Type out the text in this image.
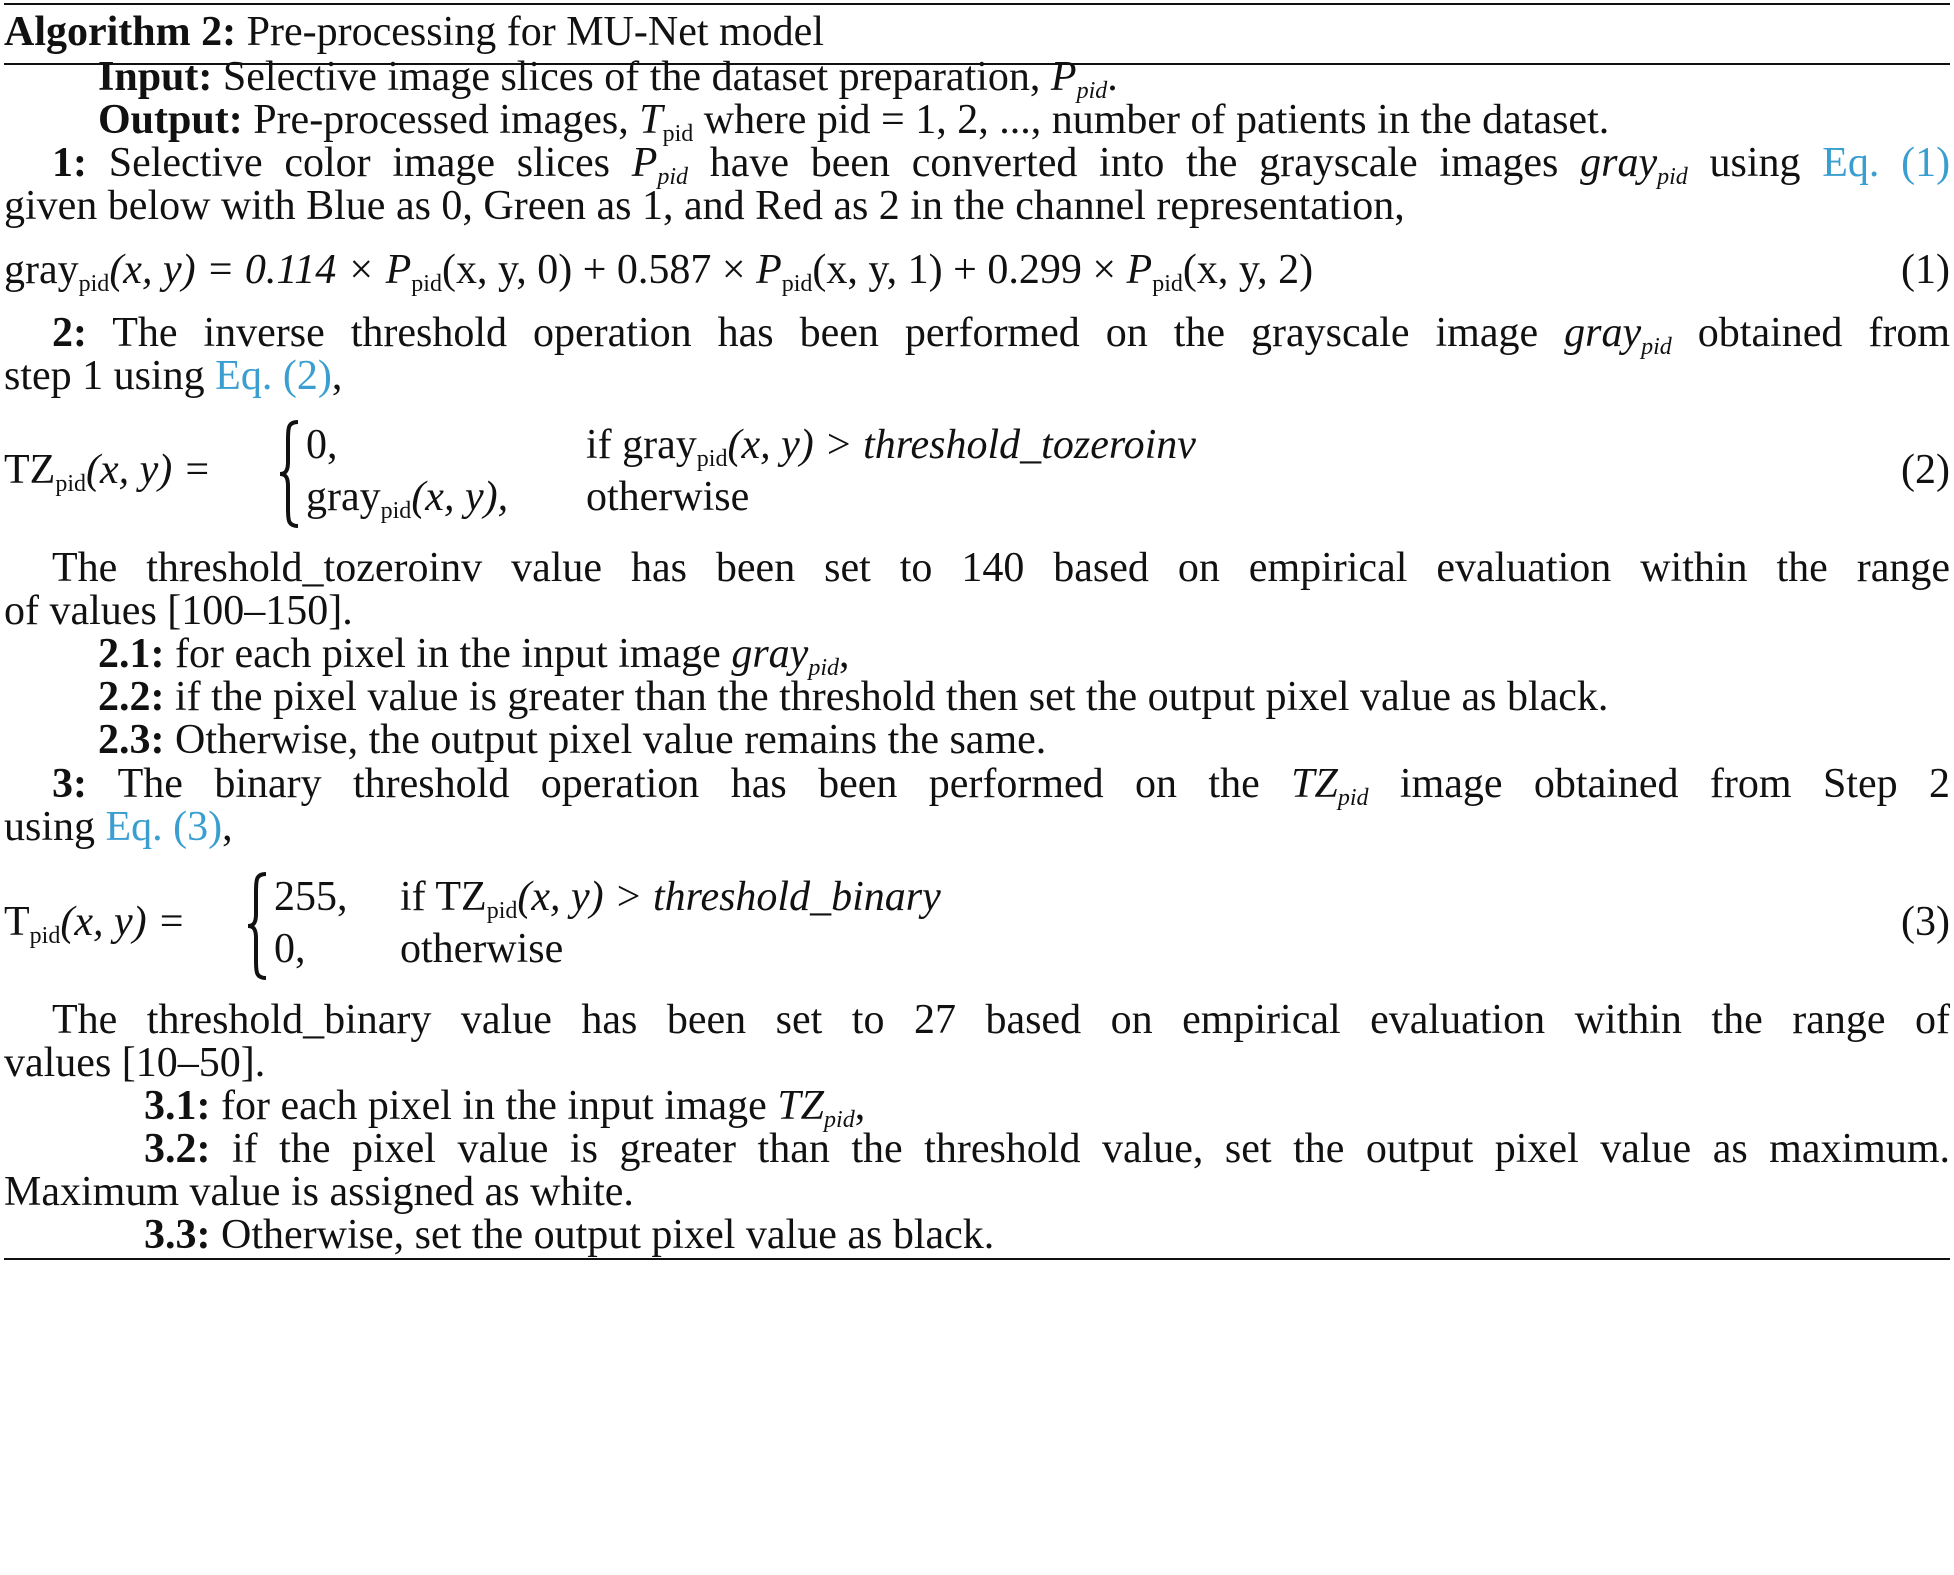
Algorithm 2: Pre-processing for MU-Net model
Input: Selective image slices of the dataset preparation, $P_{pid}$.
Output: Pre-processed images, $T_{pid}$ where pid = 1, 2, ..., number of patients in the dataset.
1: Selective color image slices $P_{pid}$ have been converted into the grayscale images gray$_{pid}$ using Eq. (1)
given below with Blue as 0, Green as 1, and Red as 2 in the channel representation,
gray$_{pid}$(x, $y) = 0.114 \times P_{pid}(x$, y, $0) + 0.587 \times P_{pid}(x$, y, $1) + 0.299 \times P_{pid}(x$, y, 2)	(1)
2: The inverse threshold operation has been performed on the grayscale image gray$_{pid}$ obtained from
step 1 using Eq. (2),
$TZ_{pid}(x$, y) =
0,	if gray$_{pid}$(x, y) > threshold_tozeroinv
gray$_{pid}$(x, y),	otherwise
(2)
The threshold_tozeroinv value has been set to 140 based on empirical evaluation within the range
of values [100–150].
2.1: for each pixel in the input image gray$_{pid}$,
2.2: if the pixel value is greater than the threshold then set the output pixel value as black.
2.3: Otherwise, the output pixel value remains the same.
3: The binary threshold operation has been performed on the $TZ_{pid}$ image obtained from Step 2
using Eq. (3),
$T_{pid}(x$, y) =
255,	if $TZ_{pid}(x$, y) > threshold_binary
0,	otherwise
(3)
The threshold_binary value has been set to 27 based on empirical evaluation within the range of
values [10–50].
3.1: for each pixel in the input image $TZ_{pid}$,
3.2: if the pixel value is greater than the threshold value, set the output pixel value as maximum.
Maximum value is assigned as white.
3.3: Otherwise, set the output pixel value as black.
